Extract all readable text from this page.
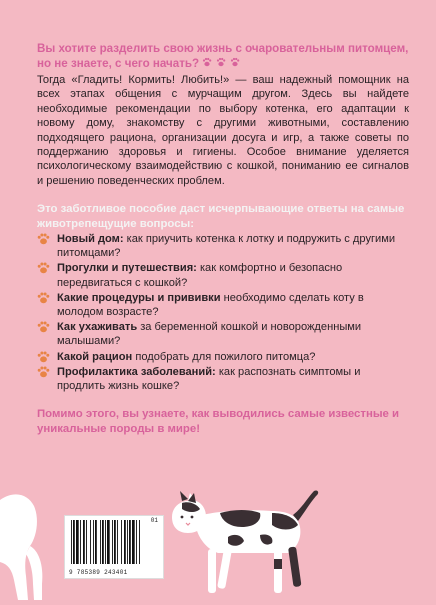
Вы хотите разделить свою жизнь с очаровательным питомцем, но не знаете, с чего начать?

Тогда «Гладить! Кормить! Любить!» — ваш надежный помощник на всех этапах общения с мурчащим другом. Здесь вы найдете необходимые рекомендации по выбору котенка, его адаптации к новому дому, знакомству с другими животными, составлению подходящего рациона, организации досуга и игр, а также советы по поддержанию здоровья и гигиены. Особое внимание уделяется психологическому взаимодействию с кошкой, пониманию ее сигналов и решению поведенческих проблем.

Это заботливое пособие даст исчерпывающие ответы на самые животрепещущие вопросы:

Новый дом: как приучить котенка к лотку и подружить с другими питомцами?
Прогулки и путешествия: как комфортно и безопасно передвигаться с кошкой?
Какие процедуры и прививки необходимо сделать коту в молодом возрасте?
Как ухаживать за беременной кошкой и новорожденными малышами?
Какой рацион подобрать для пожилого питомца?
Профилактика заболеваний: как распознать симптомы и продлить жизнь кошке?

Помимо этого, вы узнаете, как выводились самые известные и уникальные породы в мире!

01
9 785389 243401
